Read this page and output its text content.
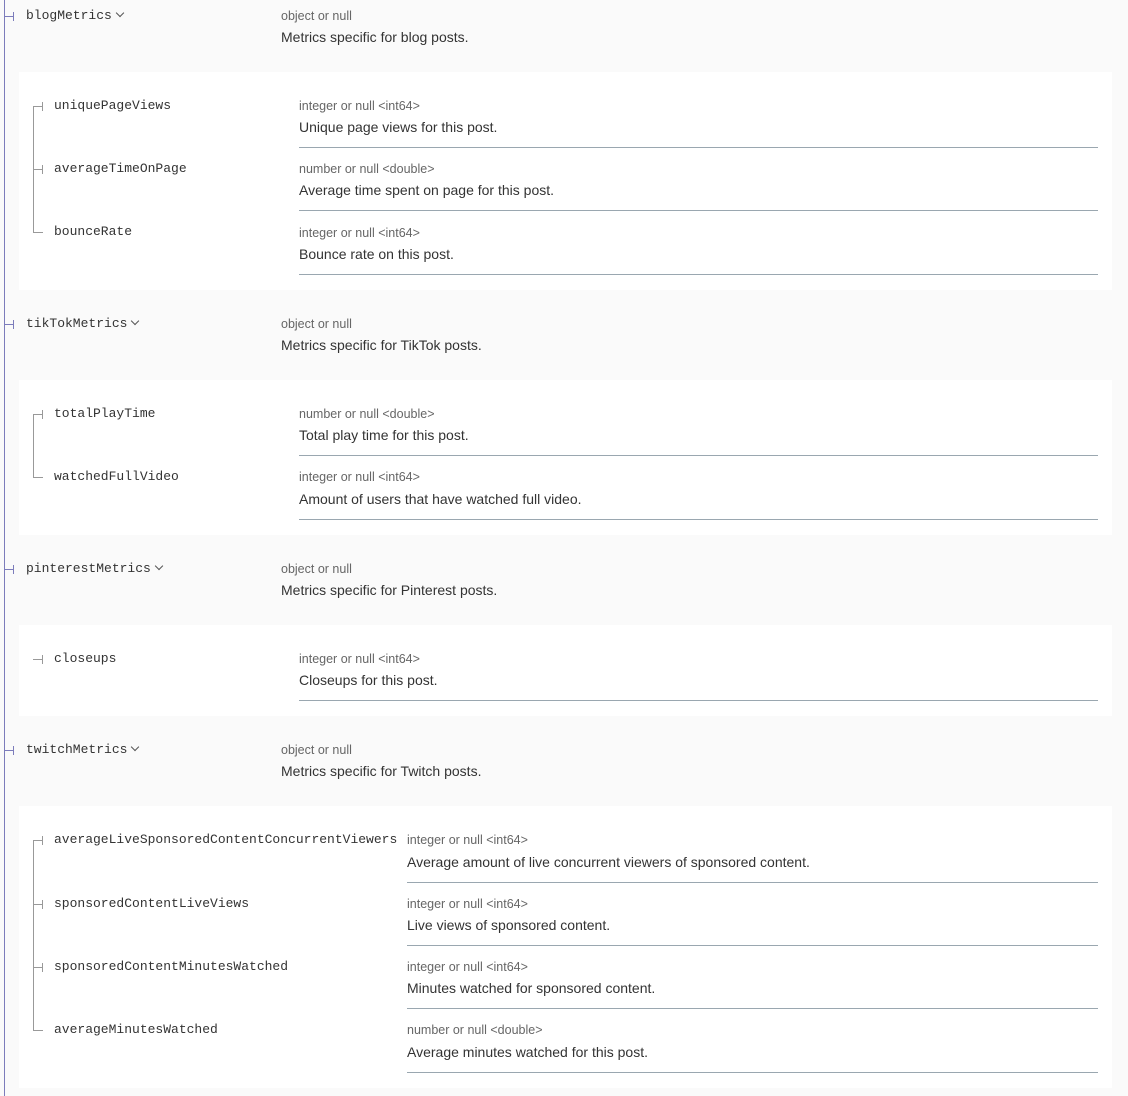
blogMetrics	object or null
Metrics specific for blog posts.
uniquePageViews	integer or null <int64>
Unique page views for this post.
averageTimeOnPage	number or null <double>
Average time spent on page for this post.
bounceRate	integer or null <int64>
Bounce rate on this post.
tikTokMetrics	object or null
Metrics specific for TikTok posts.
totalPlayTime	number or null <double>
Total play time for this post.
watchedFullVideo	integer or null <int64>
Amount of users that have watched full video.
pinterestMetrics	object or null
Metrics specific for Pinterest posts.
closeups	integer or null <int64>
Closeups for this post.
twitchMetrics	object or null
Metrics specific for Twitch posts.
averageLiveSponsoredContentConcurrentViewers integer or null <int64>
Average amount of live concurrent viewers of sponsored content.
sponsoredContentLiveViews	integer or null <int64>
Live views of sponsored content.
sponsoredContentMinutesWatched	integer or null <int64>
Minutes watched for sponsored content.
averageMinutesWatched	number or null <double>
Average minutes watched for this post.
